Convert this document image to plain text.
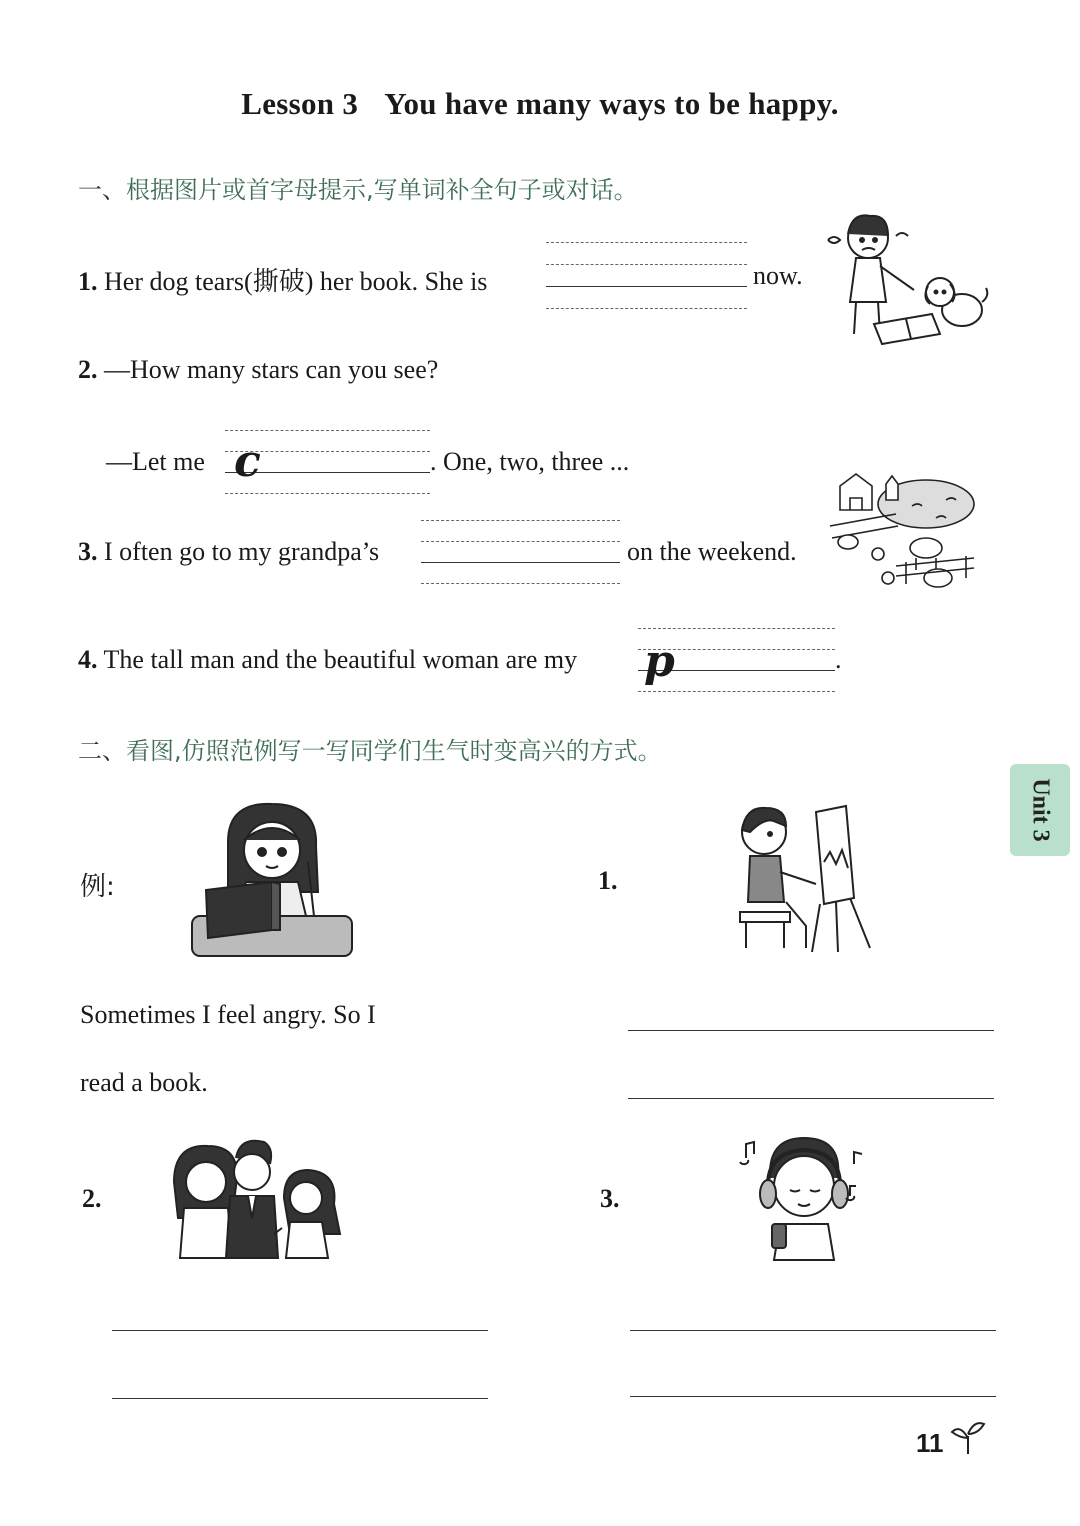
Lesson 3 You have many ways to be happy.
一、根据图片或首字母提示,写单词补全句子或对话。
1. Her dog tears(撕破) her book. She is	now.
2. —How many stars can you see?
—Let me c	. One, two, three ...
3. I often go to my grandpa’s	on the weekend.
4. The tall man and the beautiful woman are my p	.
二、看图,仿照范例写一写同学们生气时变高兴的方式。
Unit 3
例:
Sometimes I feel angry. So I
read a book.
1.
2.	3.
11
